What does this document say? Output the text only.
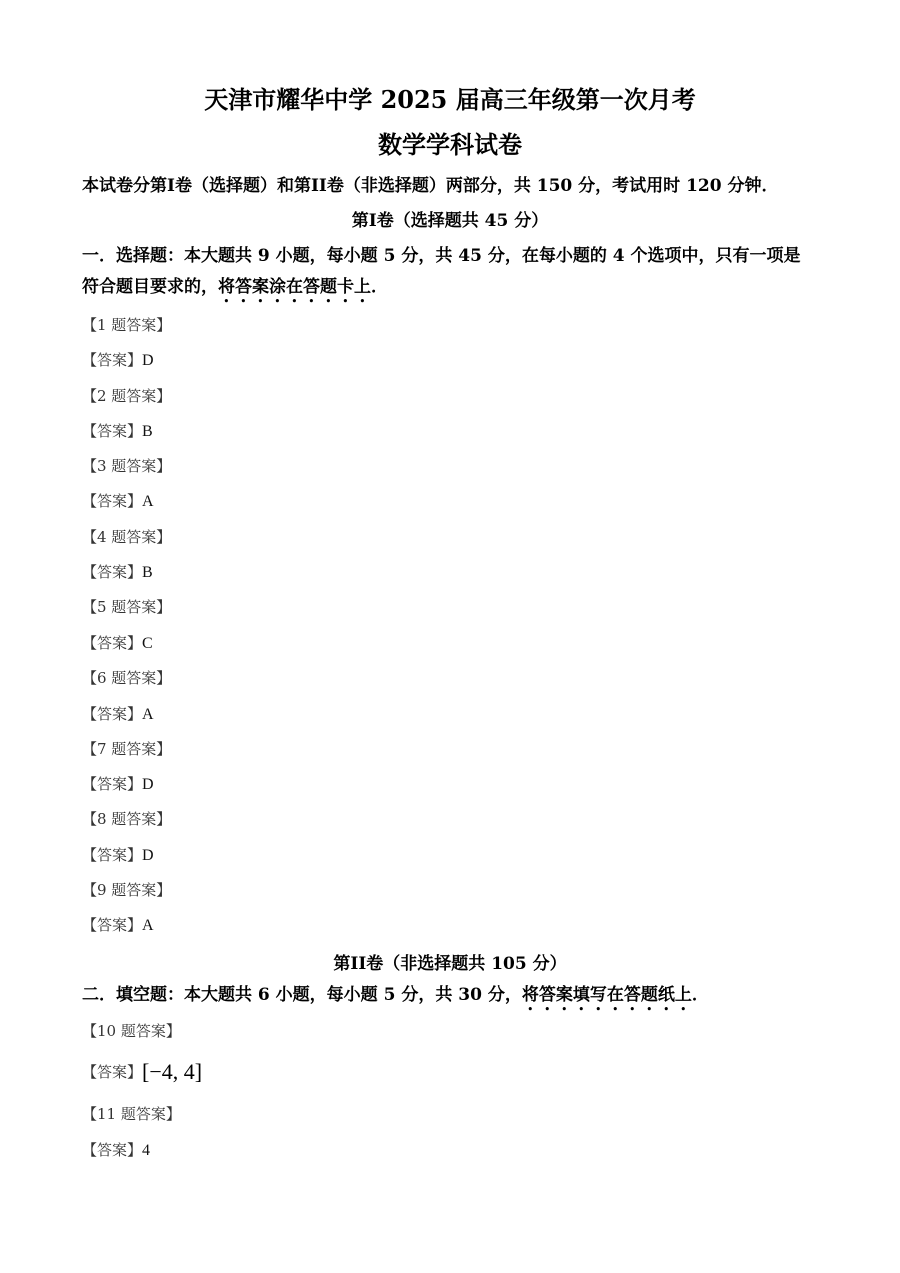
天津市耀华中学 2025 届高三年级第一次月考
数学学科试卷
本试卷分第I卷（选择题）和第II卷（非选择题）两部分，共 150 分，考试用时 120 分钟．
第I卷（选择题共 45 分）
一．选择题：本大题共 9 小题，每小题 5 分，共 45 分，在每小题的 4 个选项中，只有一项是
符合题目要求的，将答案涂在答题卡上．
【1 题答案】
【答案】D
【2 题答案】
【答案】B
【3 题答案】
【答案】A
【4 题答案】
【答案】B
【5 题答案】
【答案】C
【6 题答案】
【答案】A
【7 题答案】
【答案】D
【8 题答案】
【答案】D
【9 题答案】
【答案】A
第II卷（非选择题共 105 分）
二．填空题：本大题共 6 小题，每小题 5 分，共 30 分，将答案填写在答题纸上．
【10 题答案】
【答案】[−4, 4]
【11 题答案】
【答案】4
